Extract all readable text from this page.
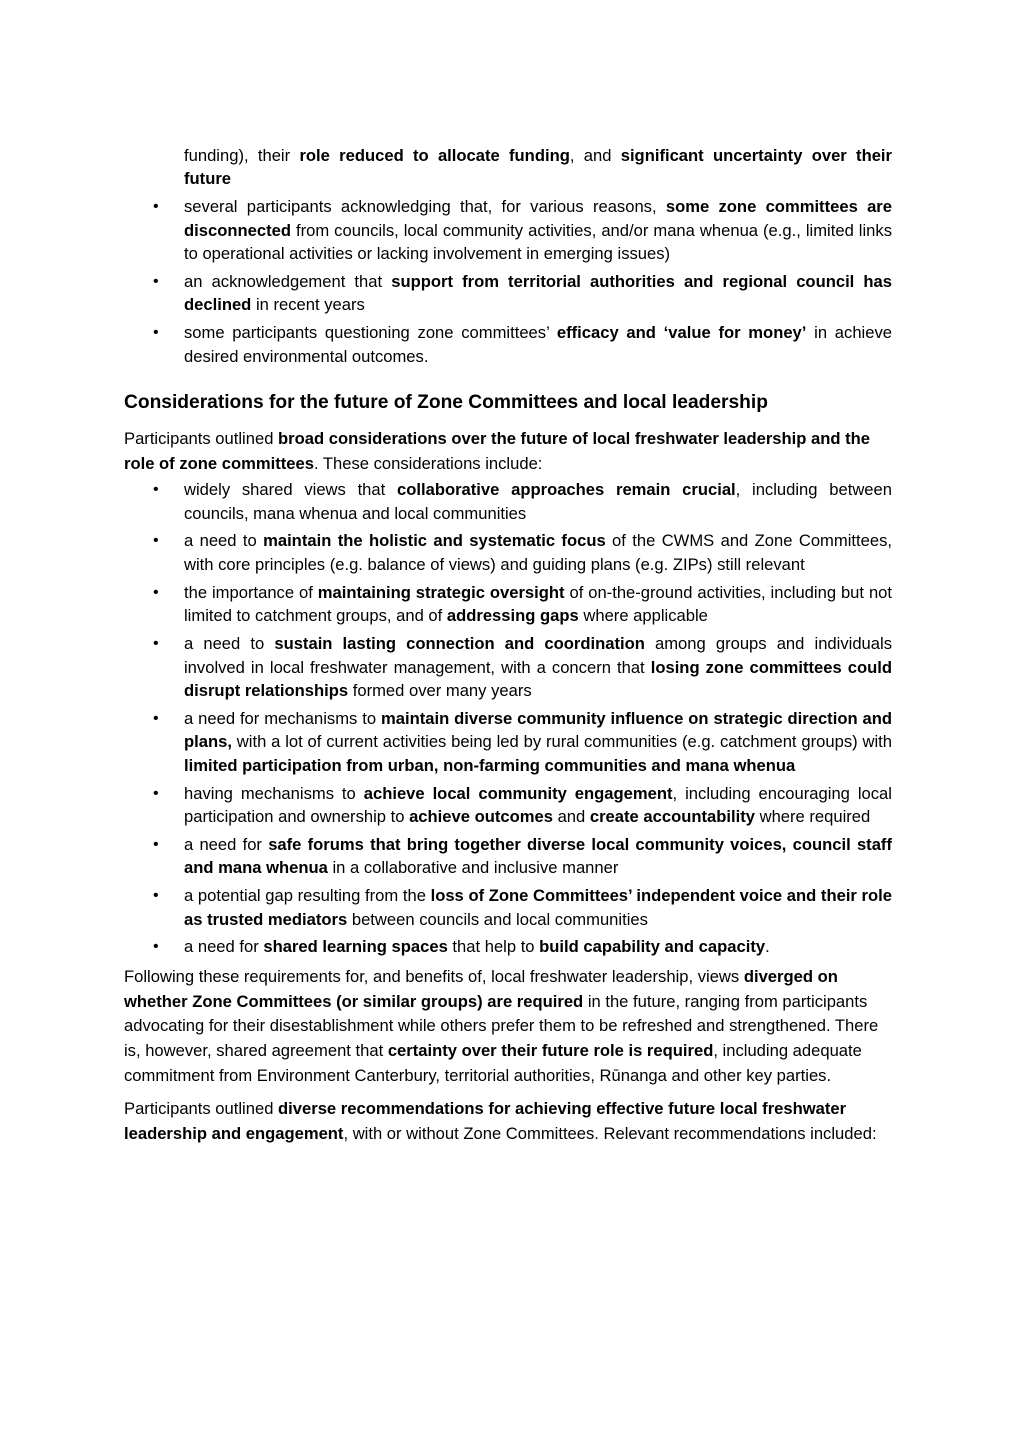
funding), their role reduced to allocate funding, and significant uncertainty over their future
• several participants acknowledging that, for various reasons, some zone committees are disconnected from councils, local community activities, and/or mana whenua (e.g., limited links to operational activities or lacking involvement in emerging issues)
• an acknowledgement that support from territorial authorities and regional council has declined in recent years
• some participants questioning zone committees’ efficacy and ‘value for money’ in achieve desired environmental outcomes.
Considerations for the future of Zone Committees and local leadership

Participants outlined broad considerations over the future of local freshwater leadership and the role of zone committees. These considerations include:

• widely shared views that collaborative approaches remain crucial, including between councils, mana whenua and local communities
• a need to maintain the holistic and systematic focus of the CWMS and Zone Committees, with core principles (e.g. balance of views) and guiding plans (e.g. ZIPs) still relevant
• the importance of maintaining strategic oversight of on-the-ground activities, including but not limited to catchment groups, and of addressing gaps where applicable
• a need to sustain lasting connection and coordination among groups and individuals involved in local freshwater management, with a concern that losing zone committees could disrupt relationships formed over many years
• a need for mechanisms to maintain diverse community influence on strategic direction and plans, with a lot of current activities being led by rural communities (e.g. catchment groups) with limited participation from urban, non-farming communities and mana whenua
• having mechanisms to achieve local community engagement, including encouraging local participation and ownership to achieve outcomes and create accountability where required
• a need for safe forums that bring together diverse local community voices, council staff and mana whenua in a collaborative and inclusive manner
• a potential gap resulting from the loss of Zone Committees’ independent voice and their role as trusted mediators between councils and local communities
• a need for shared learning spaces that help to build capability and capacity.

Following these requirements for, and benefits of, local freshwater leadership, views diverged on whether Zone Committees (or similar groups) are required in the future, ranging from participants advocating for their disestablishment while others prefer them to be refreshed and strengthened. There is, however, shared agreement that certainty over their future role is required, including adequate commitment from Environment Canterbury, territorial authorities, Rūnanga and other key parties.

Participants outlined diverse recommendations for achieving effective future local freshwater leadership and engagement, with or without Zone Committees. Relevant recommendations included:
